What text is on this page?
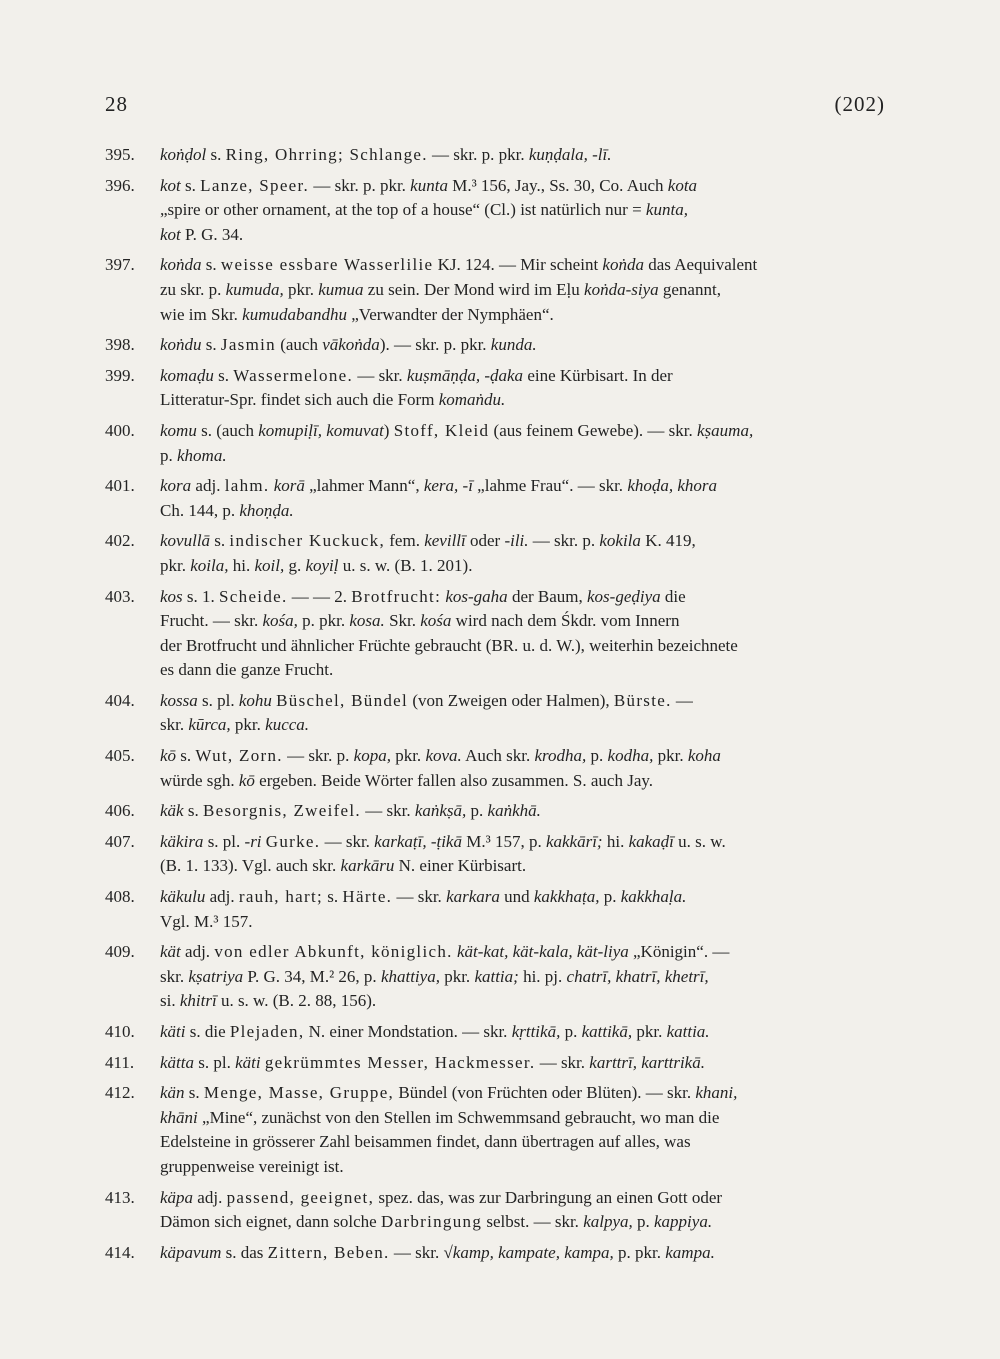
28	(202)
395.	koṅḍol s. Ring, Ohrring; Schlange. — skr. p. pkr. kuṇḍala, -lī.
396.	kot s. Lanze, Speer. — skr. p. pkr. kunta M.³ 156, Jay., Ss. 30, Co. Auch kota
„spire or other ornament, at the top of a house“ (Cl.) ist natürlich nur = kunta,
kot P. G. 34.
397.	koṅda s. weisse essbare Wasserlilie KJ. 124. — Mir scheint koṅda das Aequivalent
zu skr. p. kumuda, pkr. kumua zu sein. Der Mond wird im Eḷu koṅda-siya genannt,
wie im Skr. kumudabandhu „Verwandter der Nymphäen“.
398.	koṅdu s. Jasmin (auch vākoṅda). — skr. p. pkr. kunda.
399.	komaḍu s. Wassermelone. — skr. kuṣmāṇḍa, -ḍaka eine Kürbisart. In der
Litteratur-Spr. findet sich auch die Form komaṅdu.
400.	komu s. (auch komupiḷī, komuvat) Stoff, Kleid (aus feinem Gewebe). — skr. kṣauma,
p. khoma.
401.	kora adj. lahm. korā „lahmer Mann“, kera, -ī „lahme Frau“. — skr. khoḍa, khora
Ch. 144, p. khoṇḍa.
402.	kovullā s. indischer Kuckuck, fem. kevillī oder -ili. — skr. p. kokila K. 419,
pkr. koila, hi. koil, g. koyiḷ u. s. w. (B. 1. 201).
403.	kos s. 1. Scheide. — — 2. Brotfrucht: kos-gaha der Baum, kos-geḍiya die
Frucht. — skr. kośa, p. pkr. kosa. Skr. kośa wird nach dem Śkdr. vom Innern
der Brotfrucht und ähnlicher Früchte gebraucht (BR. u. d. W.), weiterhin bezeichnete
es dann die ganze Frucht.
404.	kossa s. pl. kohu Büschel, Bündel (von Zweigen oder Halmen), Bürste. —
skr. kūrca, pkr. kucca.
405.	kō s. Wut, Zorn. — skr. p. kopa, pkr. kova. Auch skr. krodha, p. kodha, pkr. koha
würde sgh. kō ergeben. Beide Wörter fallen also zusammen. S. auch Jay.
406.	käk s. Besorgnis, Zweifel. — skr. kaṅkṣā, p. kaṅkhā.
407.	käkira s. pl. -ri Gurke. — skr. karkaṭī, -ṭikā M.³ 157, p. kakkārī; hi. kakaḍī u. s. w.
(B. 1. 133). Vgl. auch skr. karkāru N. einer Kürbisart.
408.	käkulu adj. rauh, hart; s. Härte. — skr. karkara und kakkhaṭa, p. kakkhaḷa.
Vgl. M.³ 157.
409.	kät adj. von edler Abkunft, königlich. kät-kat, kät-kala, kät-liya „Königin“. —
skr. kṣatriya P. G. 34, M.² 26, p. khattiya, pkr. kattia; hi. pj. chatrī, khatrī, khetrī,
si. khitrī u. s. w. (B. 2. 88, 156).
410.	käti s. die Plejaden, N. einer Mondstation. — skr. kṛttikā, p. kattikā, pkr. kattia.
411.	kätta s. pl. käti gekrümmtes Messer, Hackmesser. — skr. karttrī, karttrikā.
412.	kän s. Menge, Masse, Gruppe, Bündel (von Früchten oder Blüten). — skr. khani,
khāni „Mine“, zunächst von den Stellen im Schwemmsand gebraucht, wo man die
Edelsteine in grösserer Zahl beisammen findet, dann übertragen auf alles, was
gruppenweise vereinigt ist.
413.	käpa adj. passend, geeignet, spez. das, was zur Darbringung an einen Gott oder
Dämon sich eignet, dann solche Darbringung selbst. — skr. kalpya, p. kappiya.
414.	käpavum s. das Zittern, Beben. — skr. √kamp, kampate, kampa, p. pkr. kampa.
